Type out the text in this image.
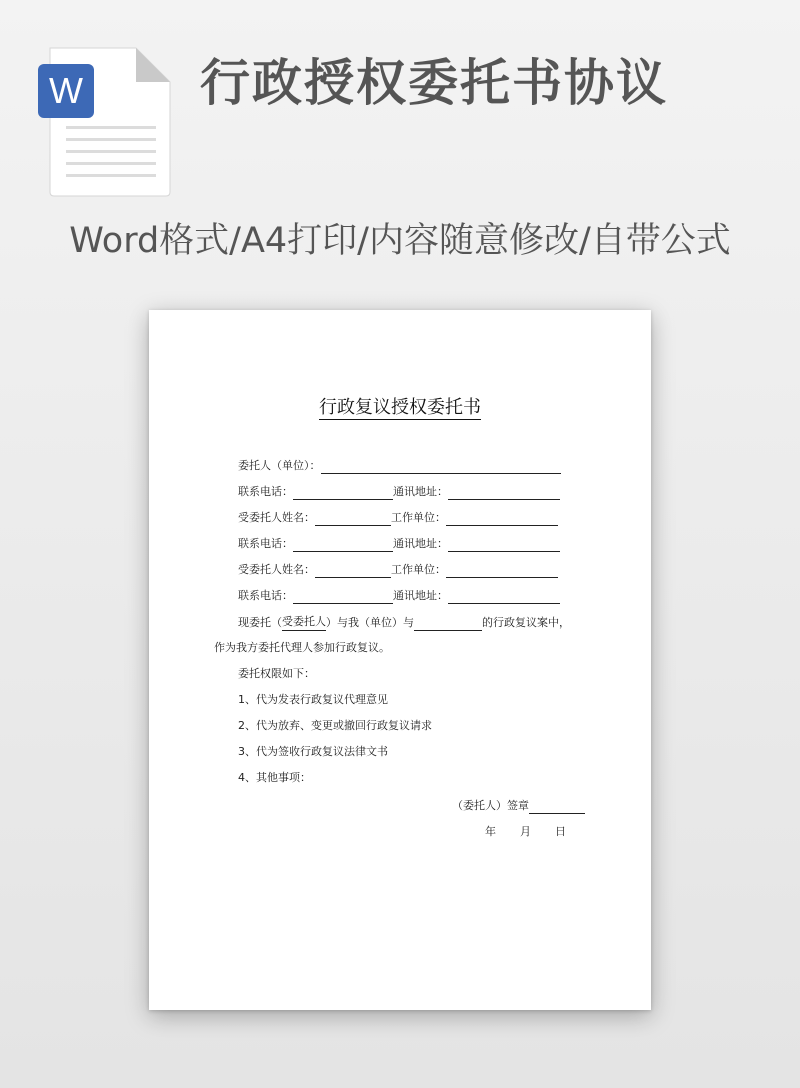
W 行政授权委托书协议
Word格式/A4打印/内容随意修改/自带公式
行政复议授权委托书
委托人（单位）：
联系电话：	通讯地址：
受委托人姓名：	工作单位：
联系电话：	通讯地址：
受委托人姓名：	工作单位：
联系电话：	通讯地址：
现委托（ 受委托人 ）与我（单位）与	的行政复议案中，
作为我方委托代理人参加行政复议。
委托权限如下：
1、代为发表行政复议代理意见
2、代为放弃、变更或撤回行政复议请求
3、代为签收行政复议法律文书
4、其他事项：
（委托人）签章
年 月 日
